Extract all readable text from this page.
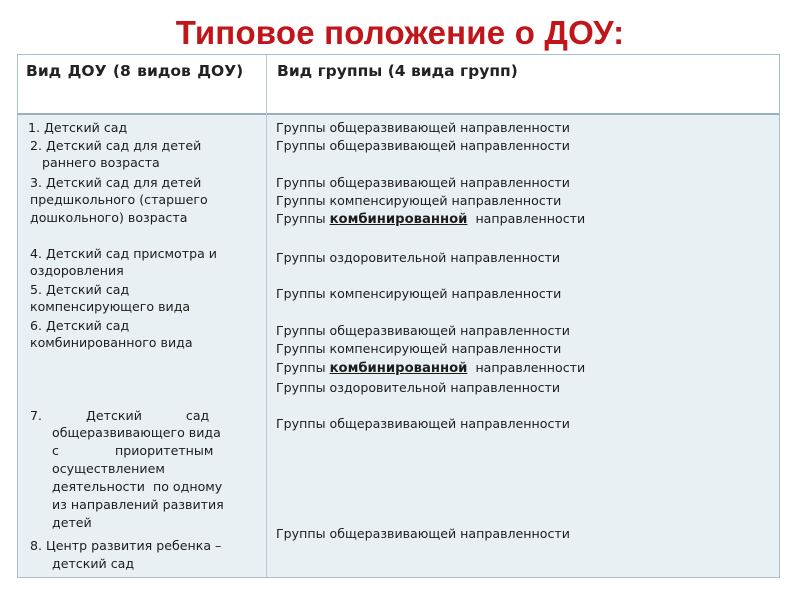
Типовое положение о ДОУ:
Вид ДОУ (8 видов ДОУ)	Вид группы (4 вида групп)
1. Детский сад
2. Детский сад для детей
раннего возраста
3. Детский сад для детей
предшкольного (старшего
дошкольного) возраста
4. Детский сад присмотра и
оздоровления
5. Детский сад
компенсирующего вида
6. Детский сад
комбинированного вида
7.           Детский           сад
общеразвивающего вида
с              приоритетным
осуществлением
деятельности  по одному
из направлений развития
детей
8. Центр развития ребенка –
детский сад
Группы общеразвивающей направленности
Группы общеразвивающей направленности
Группы общеразвивающей направленности
Группы компенсирующей направленности
Группы комбинированной направленности
Группы оздоровительной направленности
Группы компенсирующей направленности
Группы общеразвивающей направленности
Группы компенсирующей направленности
Группы комбинированной направленности
Группы оздоровительной направленности
Группы общеразвивающей направленности
Группы общеразвивающей направленности
